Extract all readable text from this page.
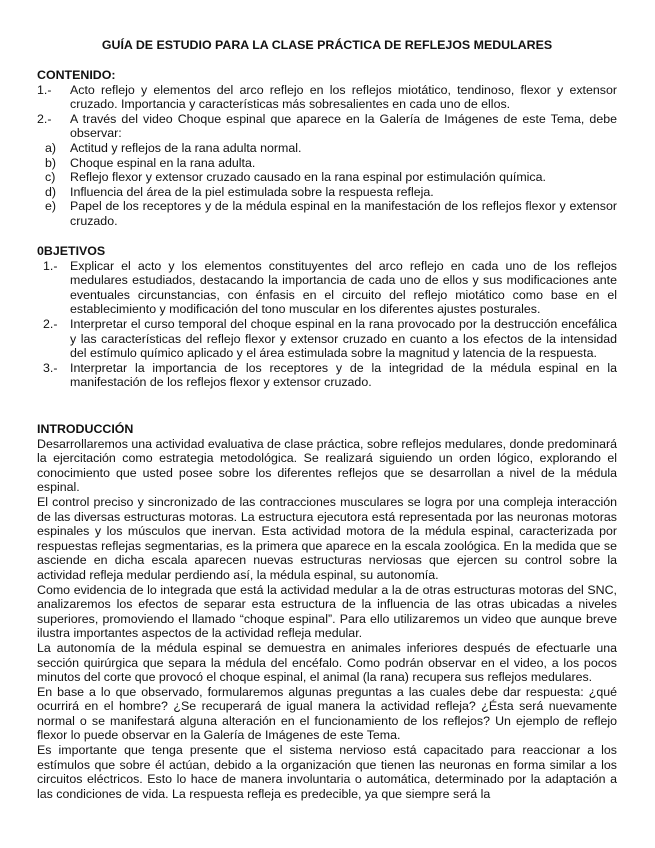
GUÍA DE ESTUDIO PARA LA CLASE PRÁCTICA DE REFLEJOS MEDULARES
CONTENIDO:
1.- Acto reflejo y elementos del arco reflejo en los reflejos miotático, tendinoso, flexor y extensor cruzado. Importancia y características más sobresalientes en cada uno de ellos.
2.- A través del video Choque espinal que aparece en la Galería de Imágenes de este Tema, debe observar:
a) Actitud y reflejos de la rana adulta normal.
b) Choque espinal en la rana adulta.
c) Reflejo flexor y extensor cruzado causado en la rana espinal por estimulación química.
d) Influencia del área de la piel estimulada sobre la respuesta refleja.
e) Papel de los receptores y de la médula espinal en la manifestación de los reflejos flexor y extensor cruzado.
0BJETIVOS
1.- Explicar el acto y los elementos constituyentes del arco reflejo en cada uno de los reflejos medulares estudiados, destacando la importancia de cada uno de ellos y sus modificaciones ante eventuales circunstancias, con énfasis en el circuito del reflejo miotático como base en el establecimiento y modificación del tono muscular en los diferentes ajustes posturales.
2.- Interpretar el curso temporal del choque espinal en la rana provocado por la destrucción encefálica y las características del reflejo flexor y extensor cruzado en cuanto a los efectos de la intensidad del estímulo químico aplicado y el área estimulada sobre la magnitud y latencia de la respuesta.
3.- Interpretar la importancia de los receptores y de la integridad de la médula espinal en la manifestación de los reflejos flexor y extensor cruzado.
INTRODUCCIÓN

Desarrollaremos una actividad evaluativa de clase práctica, sobre reflejos medulares, donde predominará la ejercitación como estrategia metodológica. Se realizará siguiendo un orden lógico, explorando el conocimiento que usted posee sobre los diferentes reflejos que se desarrollan a nivel de la médula espinal.

El control preciso y sincronizado de las contracciones musculares se logra por una compleja interacción de las diversas estructuras motoras. La estructura ejecutora está representada por las neuronas motoras espinales y los músculos que inervan. Esta actividad motora de la médula espinal, caracterizada por respuestas reflejas segmentarias, es la primera que aparece en la escala zoológica. En la medida que se asciende en dicha escala aparecen nuevas estructuras nerviosas que ejercen su control sobre la actividad refleja medular perdiendo así, la médula espinal, su autonomía.

Como evidencia de lo integrada que está la actividad medular a la de otras estructuras motoras del SNC, analizaremos los efectos de separar esta estructura de la influencia de las otras ubicadas a niveles superiores, promoviendo el llamado “choque espinal”. Para ello utilizaremos un video que aunque breve ilustra importantes aspectos de la actividad refleja medular.

La autonomía de la médula espinal se demuestra en animales inferiores después de efectuarle una sección quirúrgica que separa la médula del encéfalo. Como podrán observar en el video, a los pocos minutos del corte que provocó el choque espinal, el animal (la rana) recupera sus reflejos medulares.

En base a lo que observado, formularemos algunas preguntas a las cuales debe dar respuesta: ¿qué ocurrirá en el hombre? ¿Se recuperará de igual manera la actividad refleja? ¿Ésta será nuevamente normal o se manifestará alguna alteración en el funcionamiento de los reflejos? Un ejemplo de reflejo flexor lo puede observar en la Galería de Imágenes de este Tema.

Es importante que tenga presente que el sistema nervioso está capacitado para reaccionar a los estímulos que sobre él actúan, debido a la organización que tienen las neuronas en forma similar a los circuitos eléctricos. Esto lo hace de manera involuntaria o automática, determinado por la adaptación a las condiciones de vida. La respuesta refleja es predecible, ya que siempre será la
